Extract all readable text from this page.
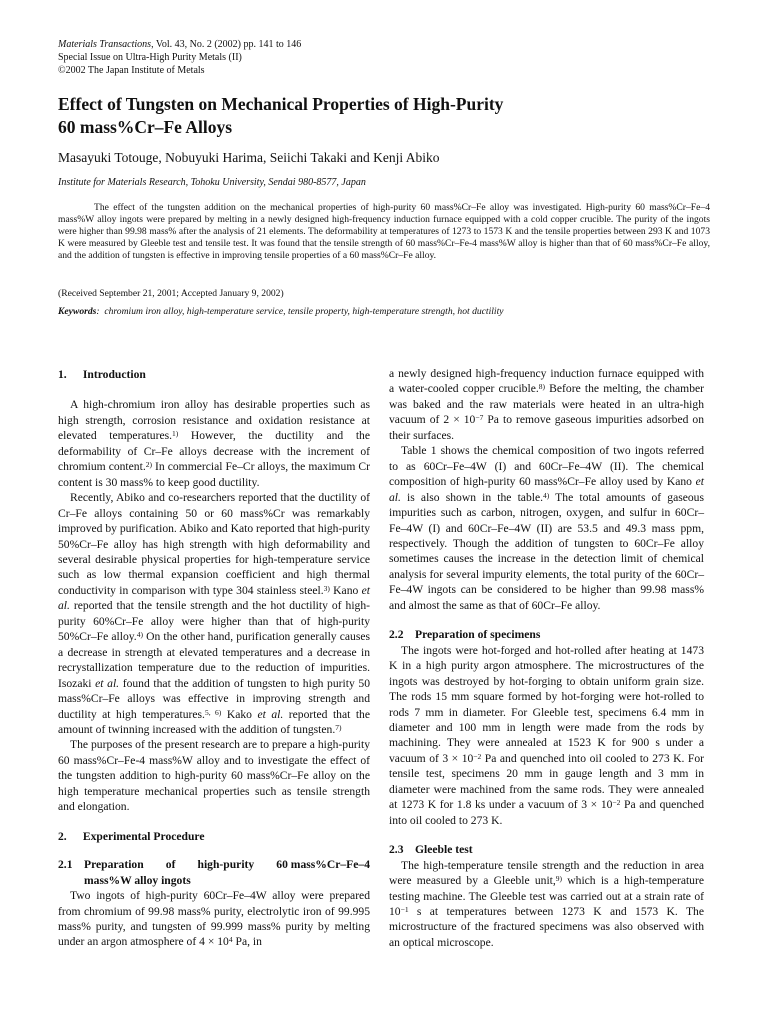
Materials Transactions, Vol. 43, No. 2 (2002) pp. 141 to 146
Special Issue on Ultra-High Purity Metals (II)
©2002 The Japan Institute of Metals
Effect of Tungsten on Mechanical Properties of High-Purity
60 mass%Cr–Fe Alloys
Masayuki Totouge, Nobuyuki Harima, Seiichi Takaki and Kenji Abiko
Institute for Materials Research, Tohoku University, Sendai 980-8577, Japan

The effect of the tungsten addition on the mechanical properties of high-purity 60 mass%Cr–Fe alloy was investigated. High-purity 60 mass%Cr–Fe–4 mass%W alloy ingots were prepared by melting in a newly designed high-frequency induction furnace equipped with a cold copper crucible. The purity of the ingots were higher than 99.98 mass% after the analysis of 21 elements. The deformability at temperatures of 1273 to 1573 K and the tensile properties between 293 K and 1073 K were measured by Gleeble test and tensile test. It was found that the tensile strength of 60 mass%Cr–Fe-4 mass%W alloy is higher than that of 60 mass%Cr–Fe alloy, and the addition of tungsten is effective in improving tensile properties of a 60 mass%Cr–Fe alloy.

(Received September 21, 2001; Accepted January 9, 2002)
Keywords:  chromium iron alloy, high-temperature service, tensile property, high-temperature strength, hot ductility
1. Introduction

A high-chromium iron alloy has desirable properties such as high strength, corrosion resistance and oxidation resistance at elevated temperatures.$^{1)}$ However, the ductility and the deformability of Cr–Fe alloys decrease with the increment of chromium content.$^{2)}$ In commercial Fe–Cr alloys, the maximum Cr content is 30 mass% to keep good ductility.

Recently, Abiko and co-researchers reported that the ductility of Cr–Fe alloys containing 50 or 60 mass%Cr was remarkably improved by purification. Abiko and Kato reported that high-purity 50%Cr–Fe alloy has high strength with high deformability and several desirable physical properties for high-temperature service such as low thermal expansion coefficient and high thermal conductivity in comparison with type 304 stainless steel.$^{3)}$ Kano et al. reported that the tensile strength and the hot ductility of high-purity 60%Cr–Fe alloy were higher than that of high-purity 50%Cr–Fe alloy.$^{4)}$ On the other hand, purification generally causes a decrease in strength at elevated temperatures and a decrease in recrystallization temperature due to the reduction of impurities. Isozaki et al. found that the addition of tungsten to high purity 50 mass%Cr–Fe alloys was effective in improving strength and ductility at high temperatures.$^{5, 6)}$ Kako et al. reported that the amount of twinning increased with the addition of tungsten.$^{7)}$

The purposes of the present research are to prepare a high-purity 60 mass%Cr–Fe-4 mass%W alloy and to investigate the effect of the tungsten addition to high-purity 60 mass%Cr–Fe alloy on the high temperature mechanical properties such as tensile strength and elongation.

2. Experimental Procedure
2.1 Preparation of high-purity 60 mass%Cr–Fe–4
mass%W alloy ingots

Two ingots of high-purity 60Cr–Fe–4W alloy were prepared from chromium of 99.98 mass% purity, electrolytic iron of 99.995 mass% purity, and tungsten of 99.999 mass% purity by melting under an argon atmosphere of $4 \times 10^4$ Pa, in

a newly designed high-frequency induction furnace equipped with a water-cooled copper crucible.$^{8)}$ Before the melting, the chamber was baked and the raw materials were heated in an ultra-high vacuum of $2 \times 10^{-7}$ Pa to remove gaseous impurities adsorbed on their surfaces.

Table 1 shows the chemical composition of two ingots referred to as 60Cr–Fe–4W (I) and 60Cr–Fe–4W (II). The chemical composition of high-purity 60 mass%Cr–Fe alloy used by Kano et al. is also shown in the table.$^{4)}$ The total amounts of gaseous impurities such as carbon, nitrogen, oxygen, and sulfur in 60Cr–Fe–4W (I) and 60Cr–Fe–4W (II) are 53.5 and 49.3 mass ppm, respectively. Though the addition of tungsten to 60Cr–Fe alloy sometimes causes the increase in the detection limit of chemical analysis for several impurity elements, the total purity of the 60Cr–Fe–4W ingots can be considered to be higher than 99.98 mass% and almost the same as that of 60Cr–Fe alloy.

2.2 Preparation of specimens

The ingots were hot-forged and hot-rolled after heating at 1473 K in a high purity argon atmosphere. The microstructures of the ingots was destroyed by hot-forging to obtain uniform grain size. The rods 15 mm square formed by hot-forging were hot-rolled to rods 7 mm in diameter. For Gleeble test, specimens 6.4 mm in diameter and 100 mm in length were made from the rods by machining. They were annealed at 1523 K for 900 s under a vacuum of $3 \times 10^{-2}$ Pa and quenched into oil cooled to 273 K. For tensile test, specimens 20 mm in gauge length and 3 mm in diameter were machined from the same rods. They were annealed at 1273 K for 1.8 ks under a vacuum of $3 \times 10^{-2}$ Pa and quenched into oil cooled to 273 K.

2.3 Gleeble test

The high-temperature tensile strength and the reduction in area were measured by a Gleeble unit,$^{9)}$ which is a high-temperature testing machine. The Gleeble test was carried out at a strain rate of $10^{-1}$ s at temperatures between 1273 K and 1573 K. The microstructure of the fractured specimens was also observed with an optical microscope.
